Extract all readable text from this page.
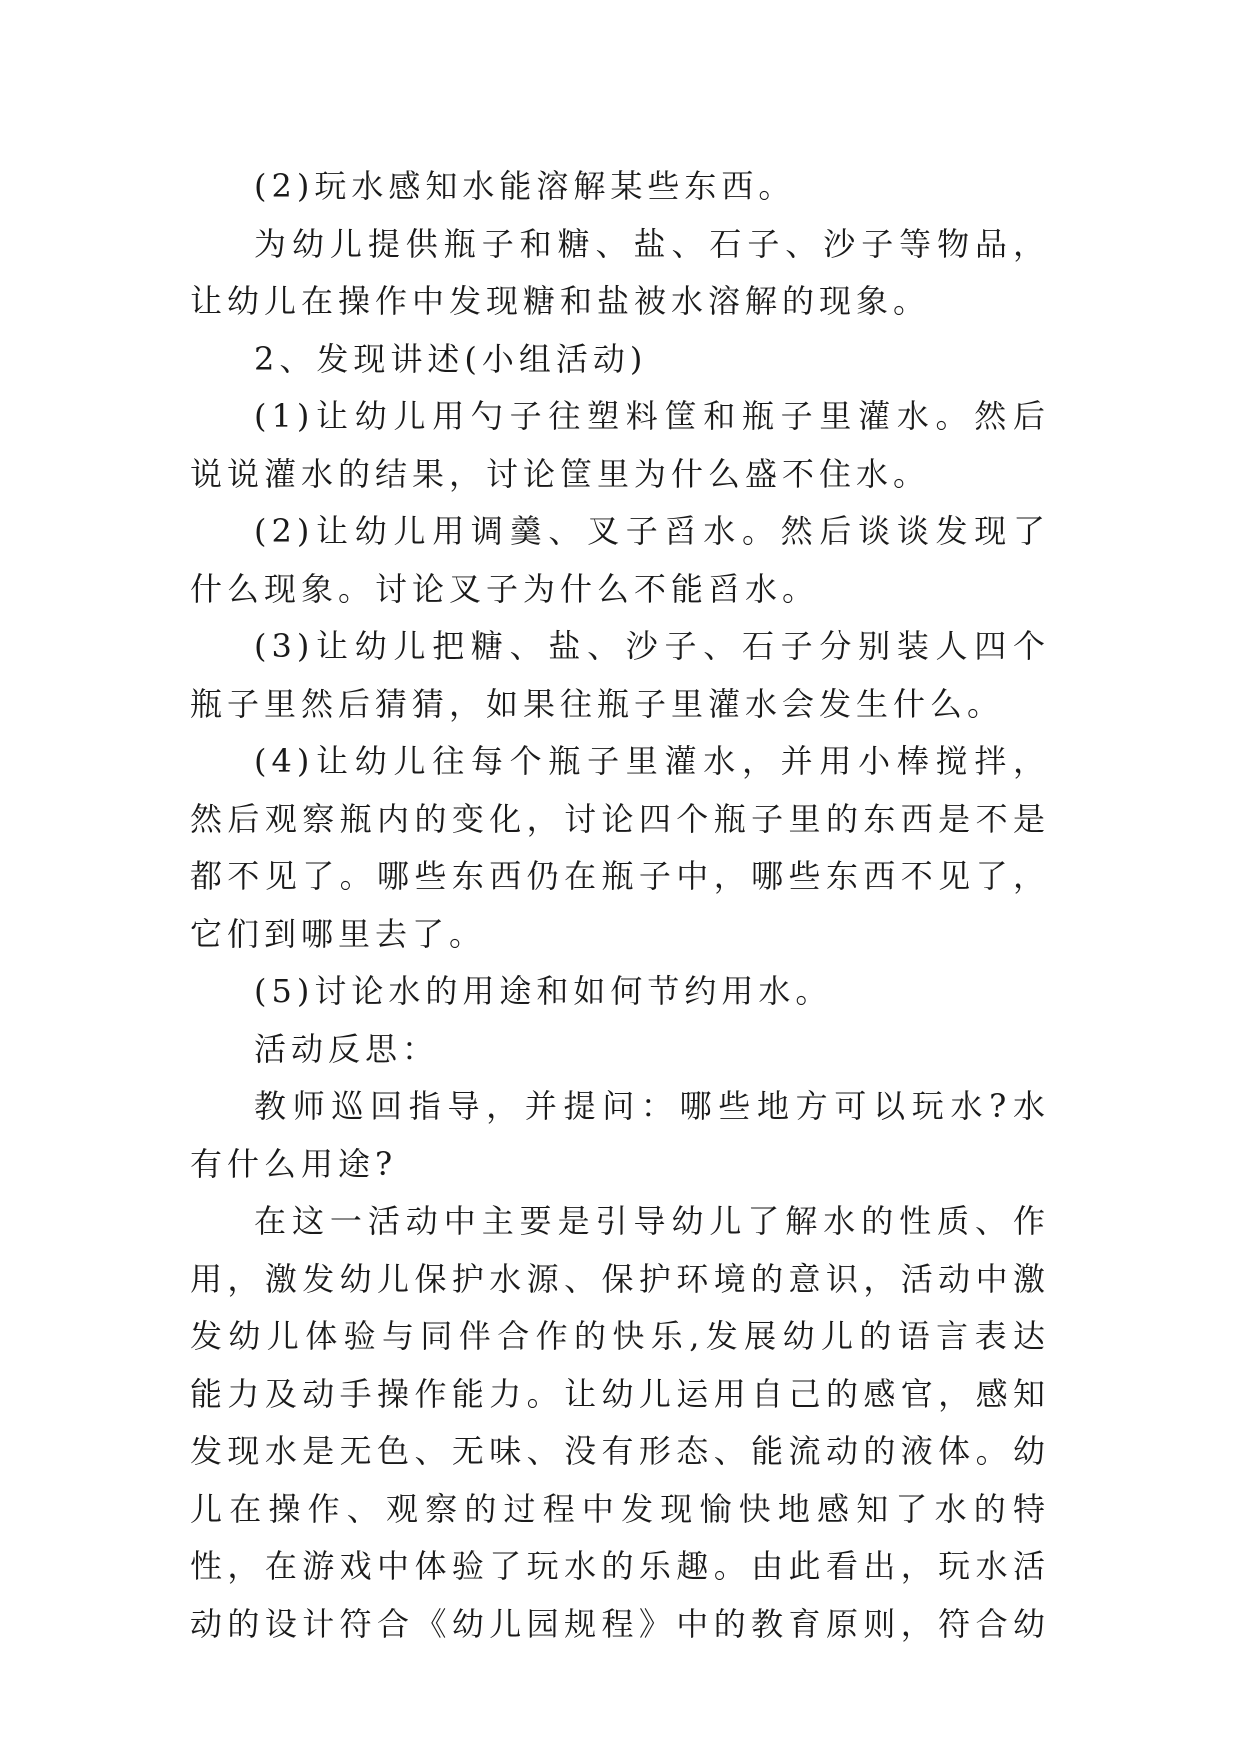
(2)玩水感知水能溶解某些东西。

为幼儿提供瓶子和糖、盐、石子、沙子等物品，让幼儿在操作中发现糖和盐被水溶解的现象。

2、发现讲述(小组活动)

(1)让幼儿用勺子往塑料筐和瓶子里灌水。然后说说灌水的结果，讨论筐里为什么盛不住水。

(2)让幼儿用调羹、叉子舀水。然后谈谈发现了什么现象。讨论叉子为什么不能舀水。

(3)让幼儿把糖、盐、沙子、石子分别装人四个瓶子里然后猜猜，如果往瓶子里灌水会发生什么。

(4)让幼儿往每个瓶子里灌水，并用小棒搅拌，然后观察瓶内的变化，讨论四个瓶子里的东西是不是都不见了。哪些东西仍在瓶子中，哪些东西不见了，它们到哪里去了。

(5)讨论水的用途和如何节约用水。

活动反思：

教师巡回指导，并提问：哪些地方可以玩水?水有什么用途?

在这一活动中主要是引导幼儿了解水的性质、作用，激发幼儿保护水源、保护环境的意识，活动中激发幼儿体验与同伴合作的快乐,发展幼儿的语言表达能力及动手操作能力。让幼儿运用自己的感官，感知发现水是无色、无味、没有形态、能流动的液体。幼儿在操作、观察的过程中发现愉快地感知了水的特性，在游戏中体验了玩水的乐趣。由此看出，玩水活动的设计符合《幼儿园规程》中的教育原则，符合幼
